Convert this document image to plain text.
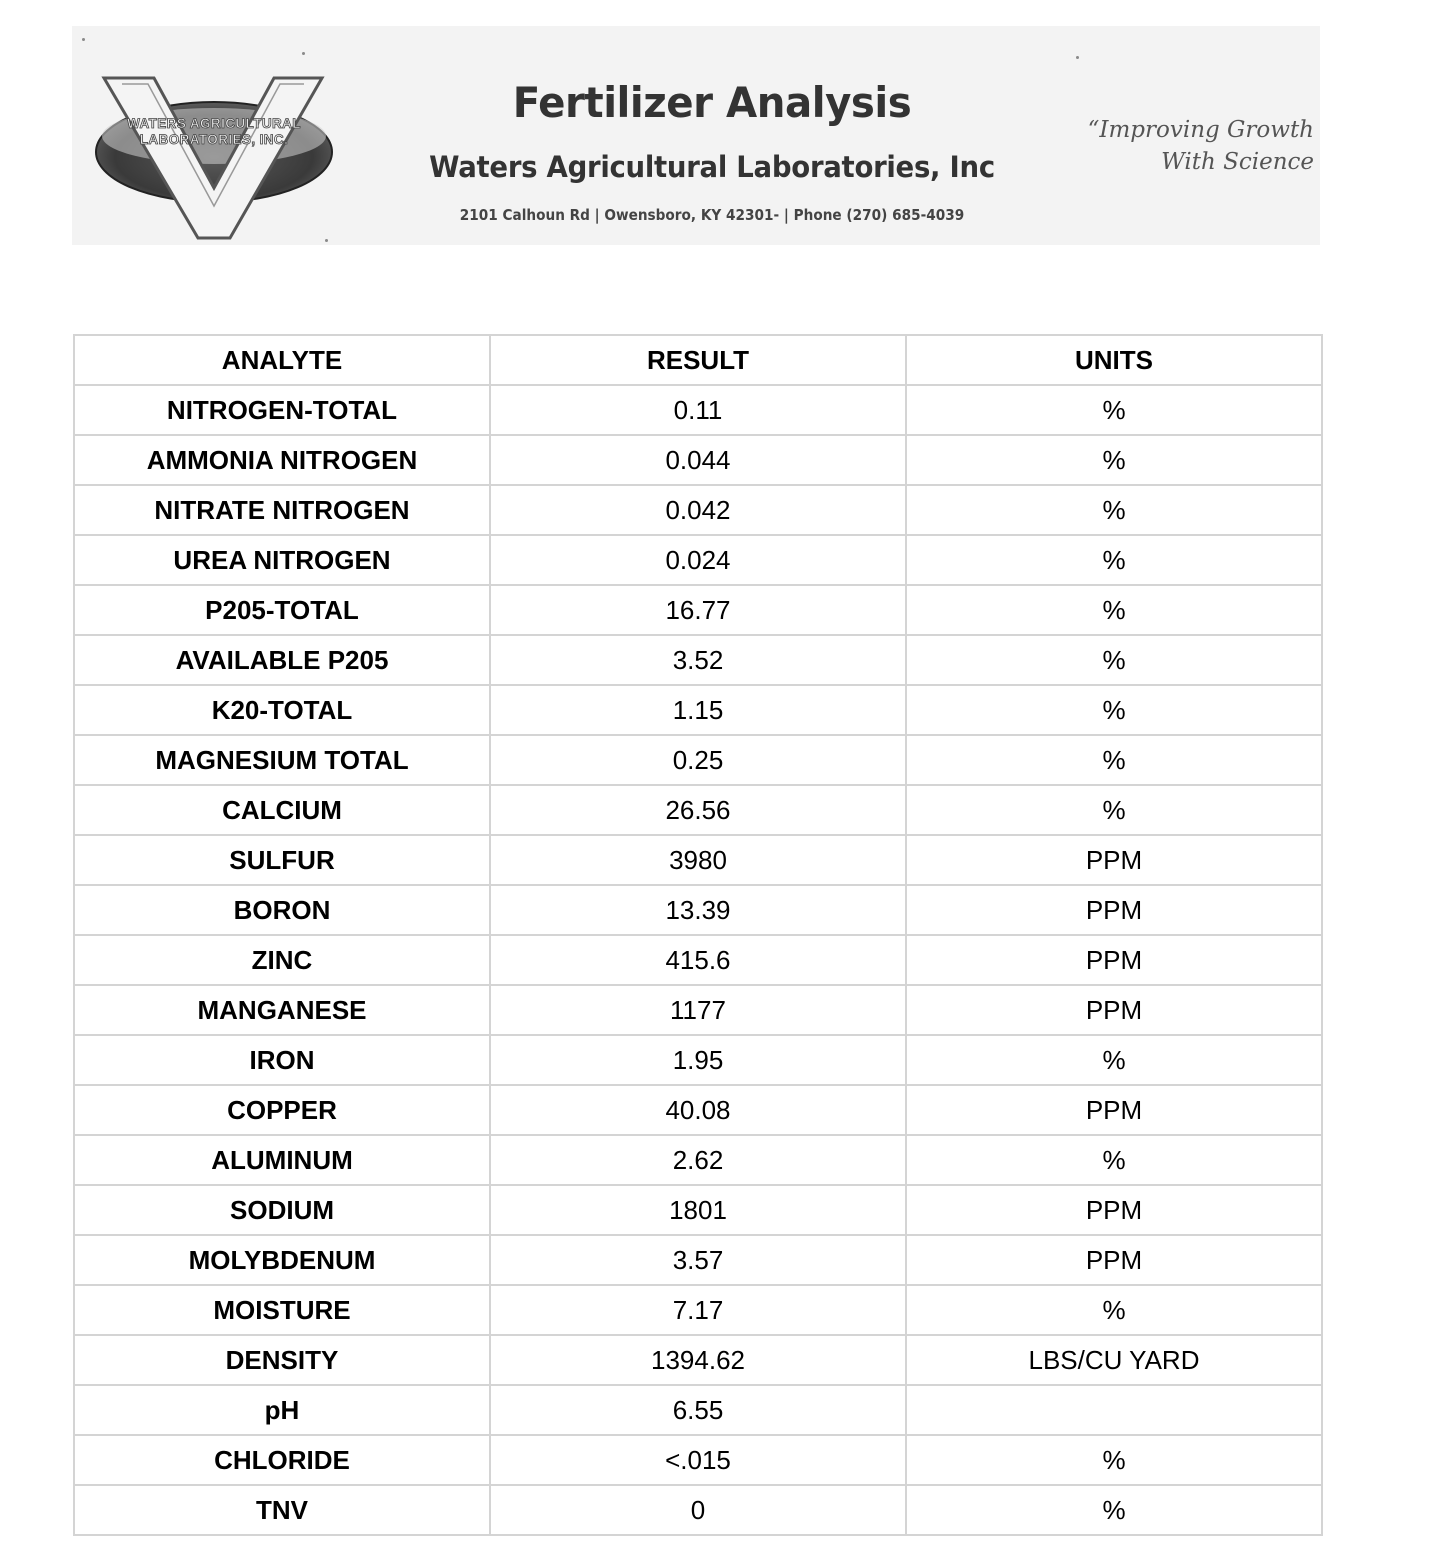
WATERS AGRICULTURAL
LABORATORIES, INC.
Fertilizer Analysis
Waters Agricultural Laboratories, Inc
2101 Calhoun Rd | Owensboro, KY 42301- | Phone (270) 685-4039
“Improving Growth
With Science
ANALYTE	RESULT	UNITS
NITROGEN-TOTAL	0.11	%
AMMONIA NITROGEN	0.044	%
NITRATE NITROGEN	0.042	%
UREA NITROGEN	0.024	%
P205-TOTAL	16.77	%
AVAILABLE P205	3.52	%
K20-TOTAL	1.15	%
MAGNESIUM TOTAL	0.25	%
CALCIUM	26.56	%
SULFUR	3980	PPM
BORON	13.39	PPM
ZINC	415.6	PPM
MANGANESE	1177	PPM
IRON	1.95	%
COPPER	40.08	PPM
ALUMINUM	2.62	%
SODIUM	1801	PPM
MOLYBDENUM	3.57	PPM
MOISTURE	7.17	%
DENSITY	1394.62	LBS/CU YARD
pH	6.55	
CHLORIDE	<.015	%
TNV	0	%
